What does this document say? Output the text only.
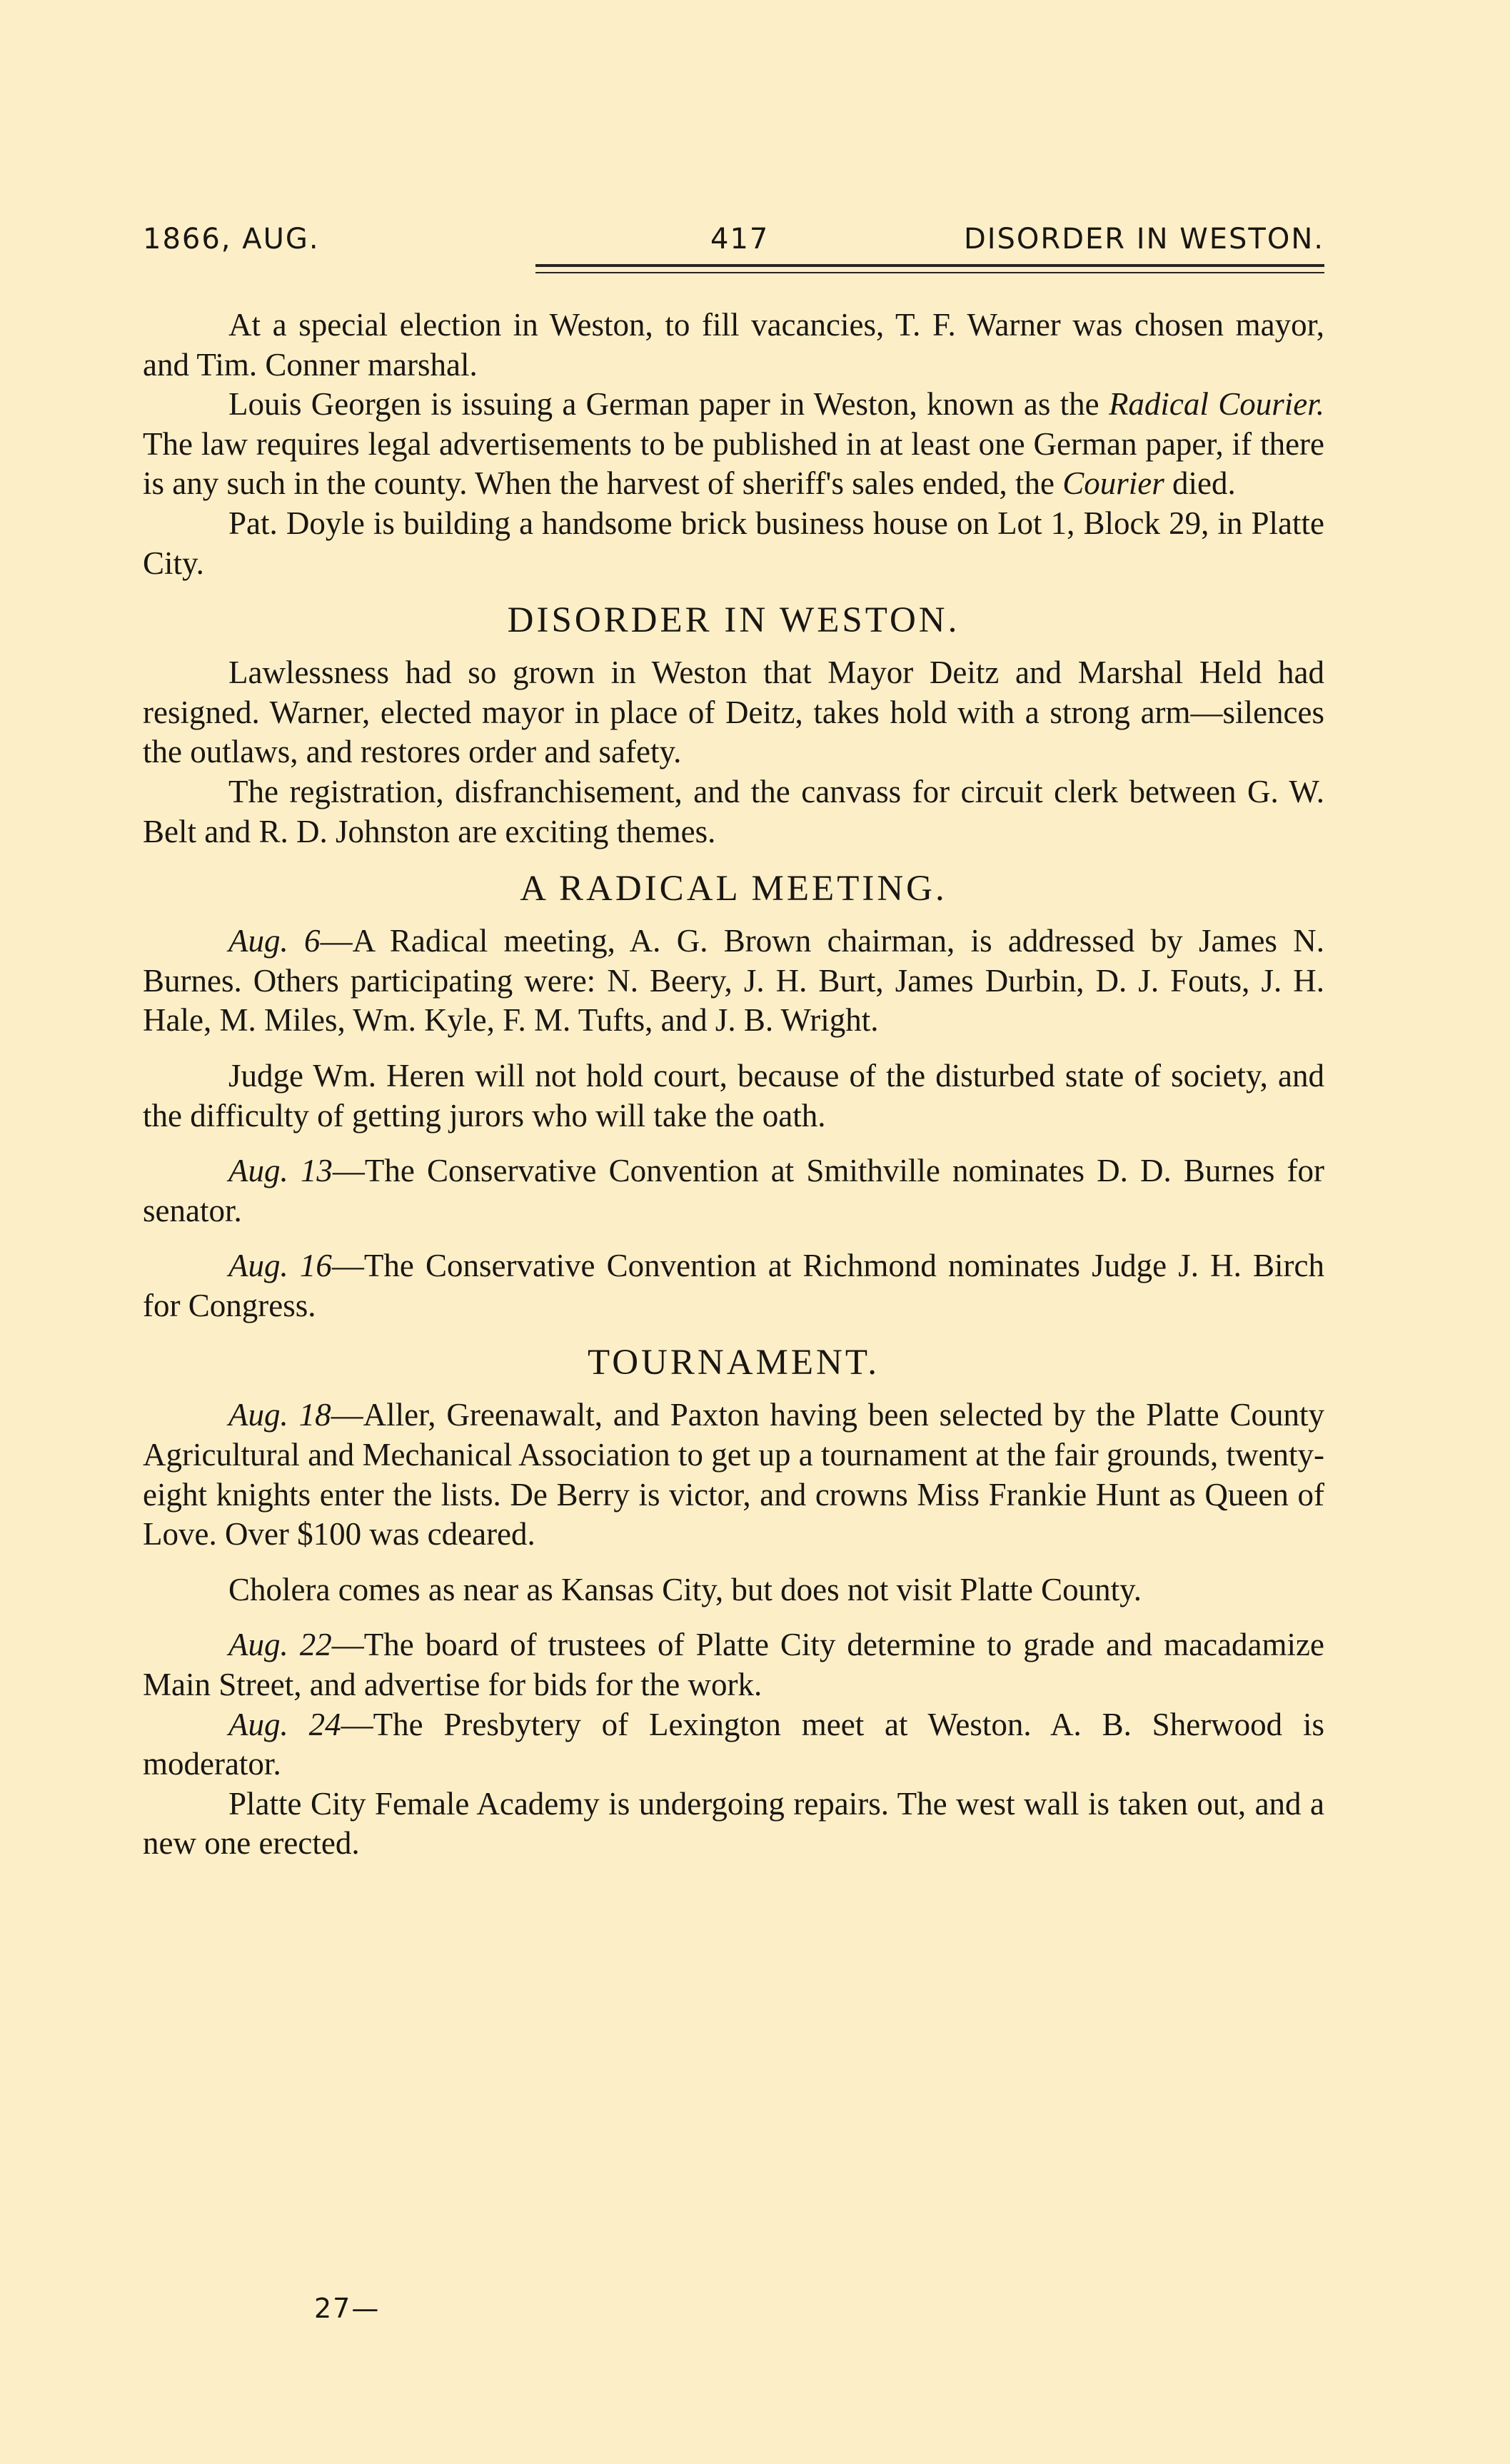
1866, AUG.	417	DISORDER IN WESTON.

At a special election in Weston, to fill vacancies, T. F. Warner was chosen mayor, and Tim. Conner marshal.

Louis Georgen is issuing a German paper in Weston, known as the Radical Courier. The law requires legal advertisements to be published in at least one German paper, if there is any such in the county. When the harvest of sheriff's sales ended, the Courier died.

Pat. Doyle is building a handsome brick business house on Lot 1, Block 29, in Platte City.

DISORDER IN WESTON.

Lawlessness had so grown in Weston that Mayor Deitz and Marshal Held had resigned. Warner, elected mayor in place of Deitz, takes hold with a strong arm—silences the outlaws, and restores order and safety.

The registration, disfranchisement, and the canvass for circuit clerk between G. W. Belt and R. D. Johnston are exciting themes.

A RADICAL MEETING.

Aug. 6—A Radical meeting, A. G. Brown chairman, is addressed by James N. Burnes. Others participating were: N. Beery, J. H. Burt, James Durbin, D. J. Fouts, J. H. Hale, M. Miles, Wm. Kyle, F. M. Tufts, and J. B. Wright.

Judge Wm. Heren will not hold court, because of the disturbed state of society, and the difficulty of getting jurors who will take the oath.

Aug. 13—The Conservative Convention at Smithville nominates D. D. Burnes for senator.

Aug. 16—The Conservative Convention at Richmond nominates Judge J. H. Birch for Congress.

TOURNAMENT.

Aug. 18—Aller, Greenawalt, and Paxton having been selected by the Platte County Agricultural and Mechanical Association to get up a tournament at the fair grounds, twenty-eight knights enter the lists. De Berry is victor, and crowns Miss Frankie Hunt as Queen of Love. Over $100 was cdeared.

Cholera comes as near as Kansas City, but does not visit Platte County.

Aug. 22—The board of trustees of Platte City determine to grade and macadamize Main Street, and advertise for bids for the work.

Aug. 24—The Presbytery of Lexington meet at Weston. A. B. Sherwood is moderator.

Platte City Female Academy is undergoing repairs. The west wall is taken out, and a new one erected.

27—
